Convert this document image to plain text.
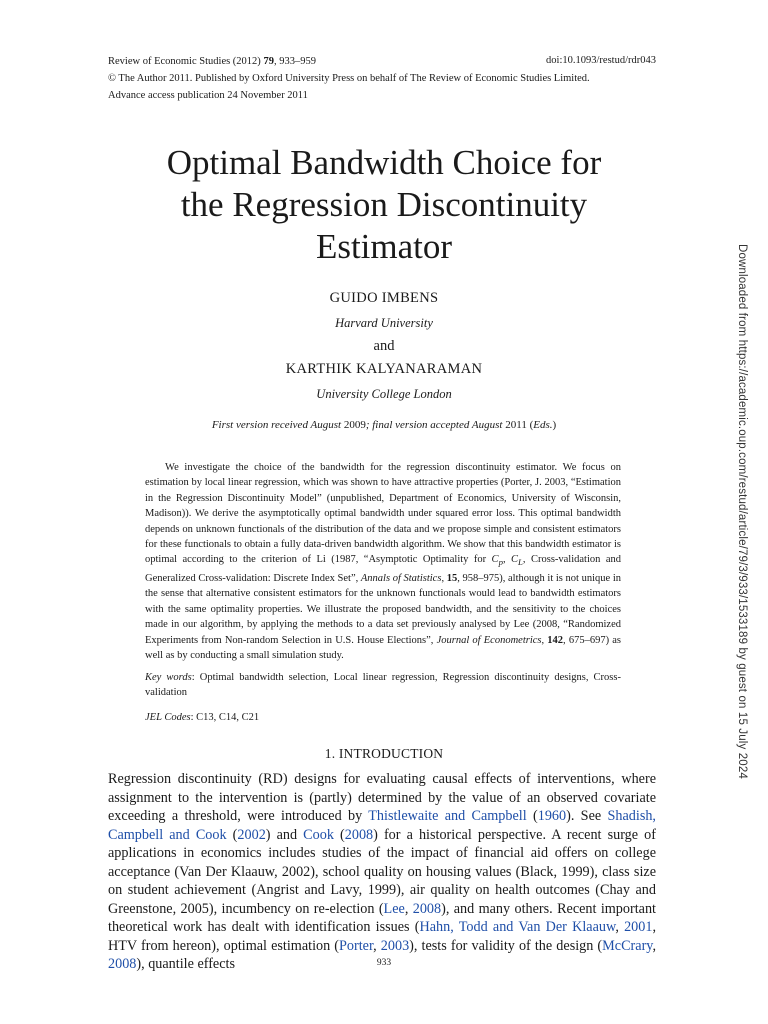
Review of Economic Studies (2012) 79, 933–959	doi:10.1093/restud/rdr043
© The Author 2011. Published by Oxford University Press on behalf of The Review of Economic Studies Limited.
Advance access publication 24 November 2011
Optimal Bandwidth Choice for
the Regression Discontinuity
Estimator
GUIDO IMBENS
Harvard University
and
KARTHIK KALYANARAMAN
University College London
First version received August 2009; final version accepted August 2011 (Eds.)

We investigate the choice of the bandwidth for the regression discontinuity estimator. We focus on estimation by local linear regression, which was shown to have attractive properties (Porter, J. 2003, “Estimation in the Regression Discontinuity Model” (unpublished, Department of Economics, University of Wisconsin, Madison)). We derive the asymptotically optimal bandwidth under squared error loss. This optimal bandwidth depends on unknown functionals of the distribution of the data and we propose simple and consistent estimators for these functionals to obtain a fully data-driven bandwidth algorithm. We show that this bandwidth estimator is optimal according to the criterion of Li (1987, “Asymptotic Optimality for $C_p$, $C_L$, Cross-validation and Generalized Cross-validation: Discrete Index Set”, Annals of Statistics, 15, 958–975), although it is not unique in the sense that alternative consistent estimators for the unknown functionals would lead to bandwidth estimators with the same optimality properties. We illustrate the proposed bandwidth, and the sensitivity to the choices made in our algorithm, by applying the methods to a data set previously analysed by Lee (2008, “Randomized Experiments from Non-random Selection in U.S. House Elections”, Journal of Econometrics, 142, 675–697) as well as by conducting a small simulation study.

Key words: Optimal bandwidth selection, Local linear regression, Regression discontinuity designs, Cross-validation

JEL Codes: C13, C14, C21
1. INTRODUCTION

Regression discontinuity (RD) designs for evaluating causal effects of interventions, where assignment to the intervention is (partly) determined by the value of an observed covariate exceeding a threshold, were introduced by Thistlewaite and Campbell (1960). See Shadish, Campbell and Cook (2002) and Cook (2008) for a historical perspective. A recent surge of applications in economics includes studies of the impact of financial aid offers on college acceptance (Van Der Klaauw, 2002), school quality on housing values (Black, 1999), class size on student achievement (Angrist and Lavy, 1999), air quality on health outcomes (Chay and Greenstone, 2005), incumbency on re-election (Lee, 2008), and many others. Recent important theoretical work has dealt with identification issues (Hahn, Todd and Van Der Klaauw, 2001, HTV from hereon), optimal estimation (Porter, 2003), tests for validity of the design (McCrary, 2008), quantile effects	933
Downloaded from https://academic.oup.com/restud/article/79/3/933/1533189 by guest on 15 July 2024
